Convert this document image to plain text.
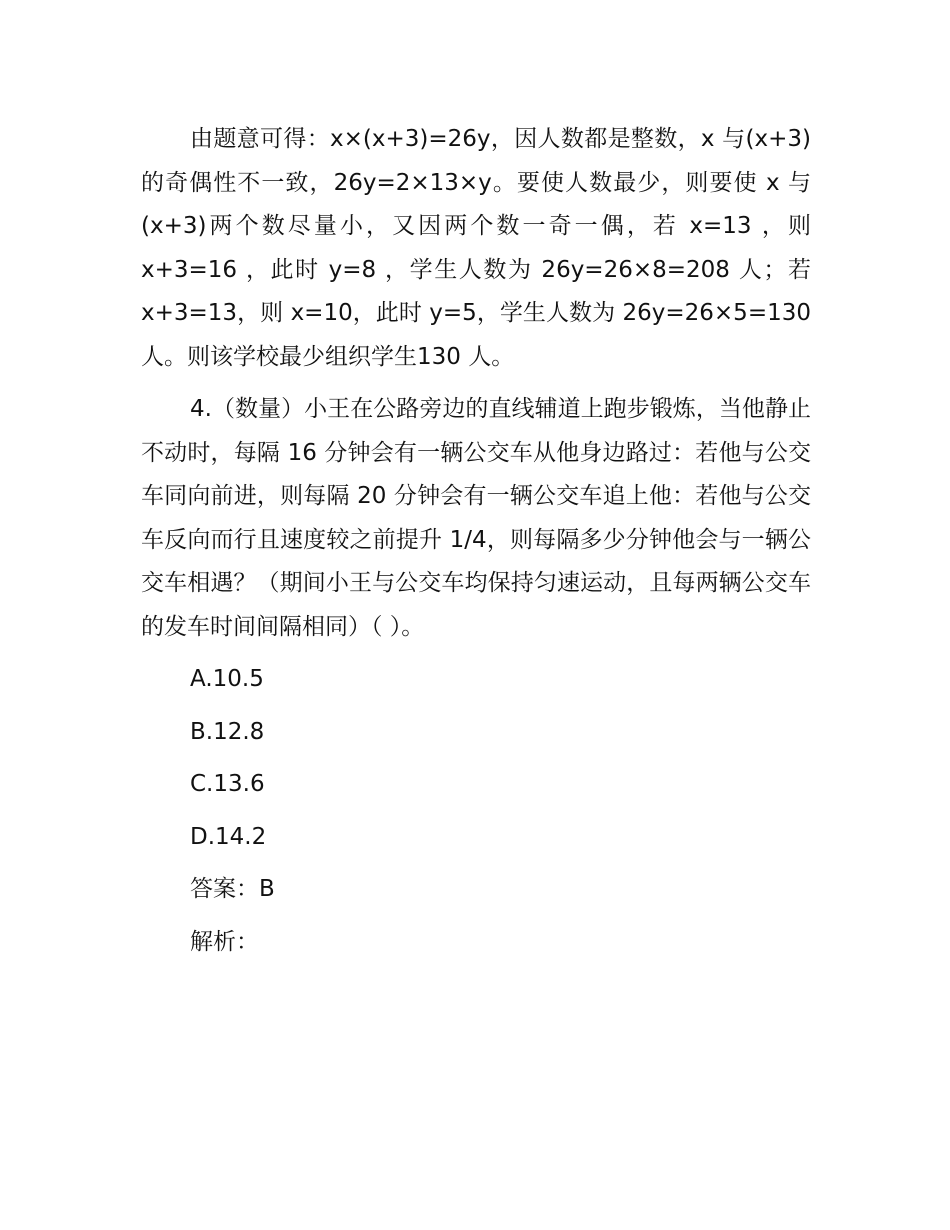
由题意可得：x×(x+3)=26y，因人数都是整数，x 与(x+3)的奇偶性不一致，26y=2×13×y。要使人数最少，则要使 x 与(x+3)两个数尽量小，又因两个数一奇一偶，若 x=13 ，则 x+3=16 ，此时 y=8 ，学生人数为 26y=26×8=208 人；若 x+3=13，则 x=10，此时 y=5，学生人数为 26y=26×5=130 人。则该学校最少组织学生130 人。

4.（数量）小王在公路旁边的直线辅道上跑步锻炼，当他静止不动时，每隔 16 分钟会有一辆公交车从他身边路过：若他与公交车同向前进，则每隔 20 分钟会有一辆公交车追上他：若他与公交车反向而行且速度较之前提升 1/4，则每隔多少分钟他会与一辆公交车相遇？（期间小王与公交车均保持匀速运动，且每两辆公交车的发车时间间隔相同）（ ）。

A.10.5

B.12.8

C.13.6

D.14.2

答案：B

解析：
